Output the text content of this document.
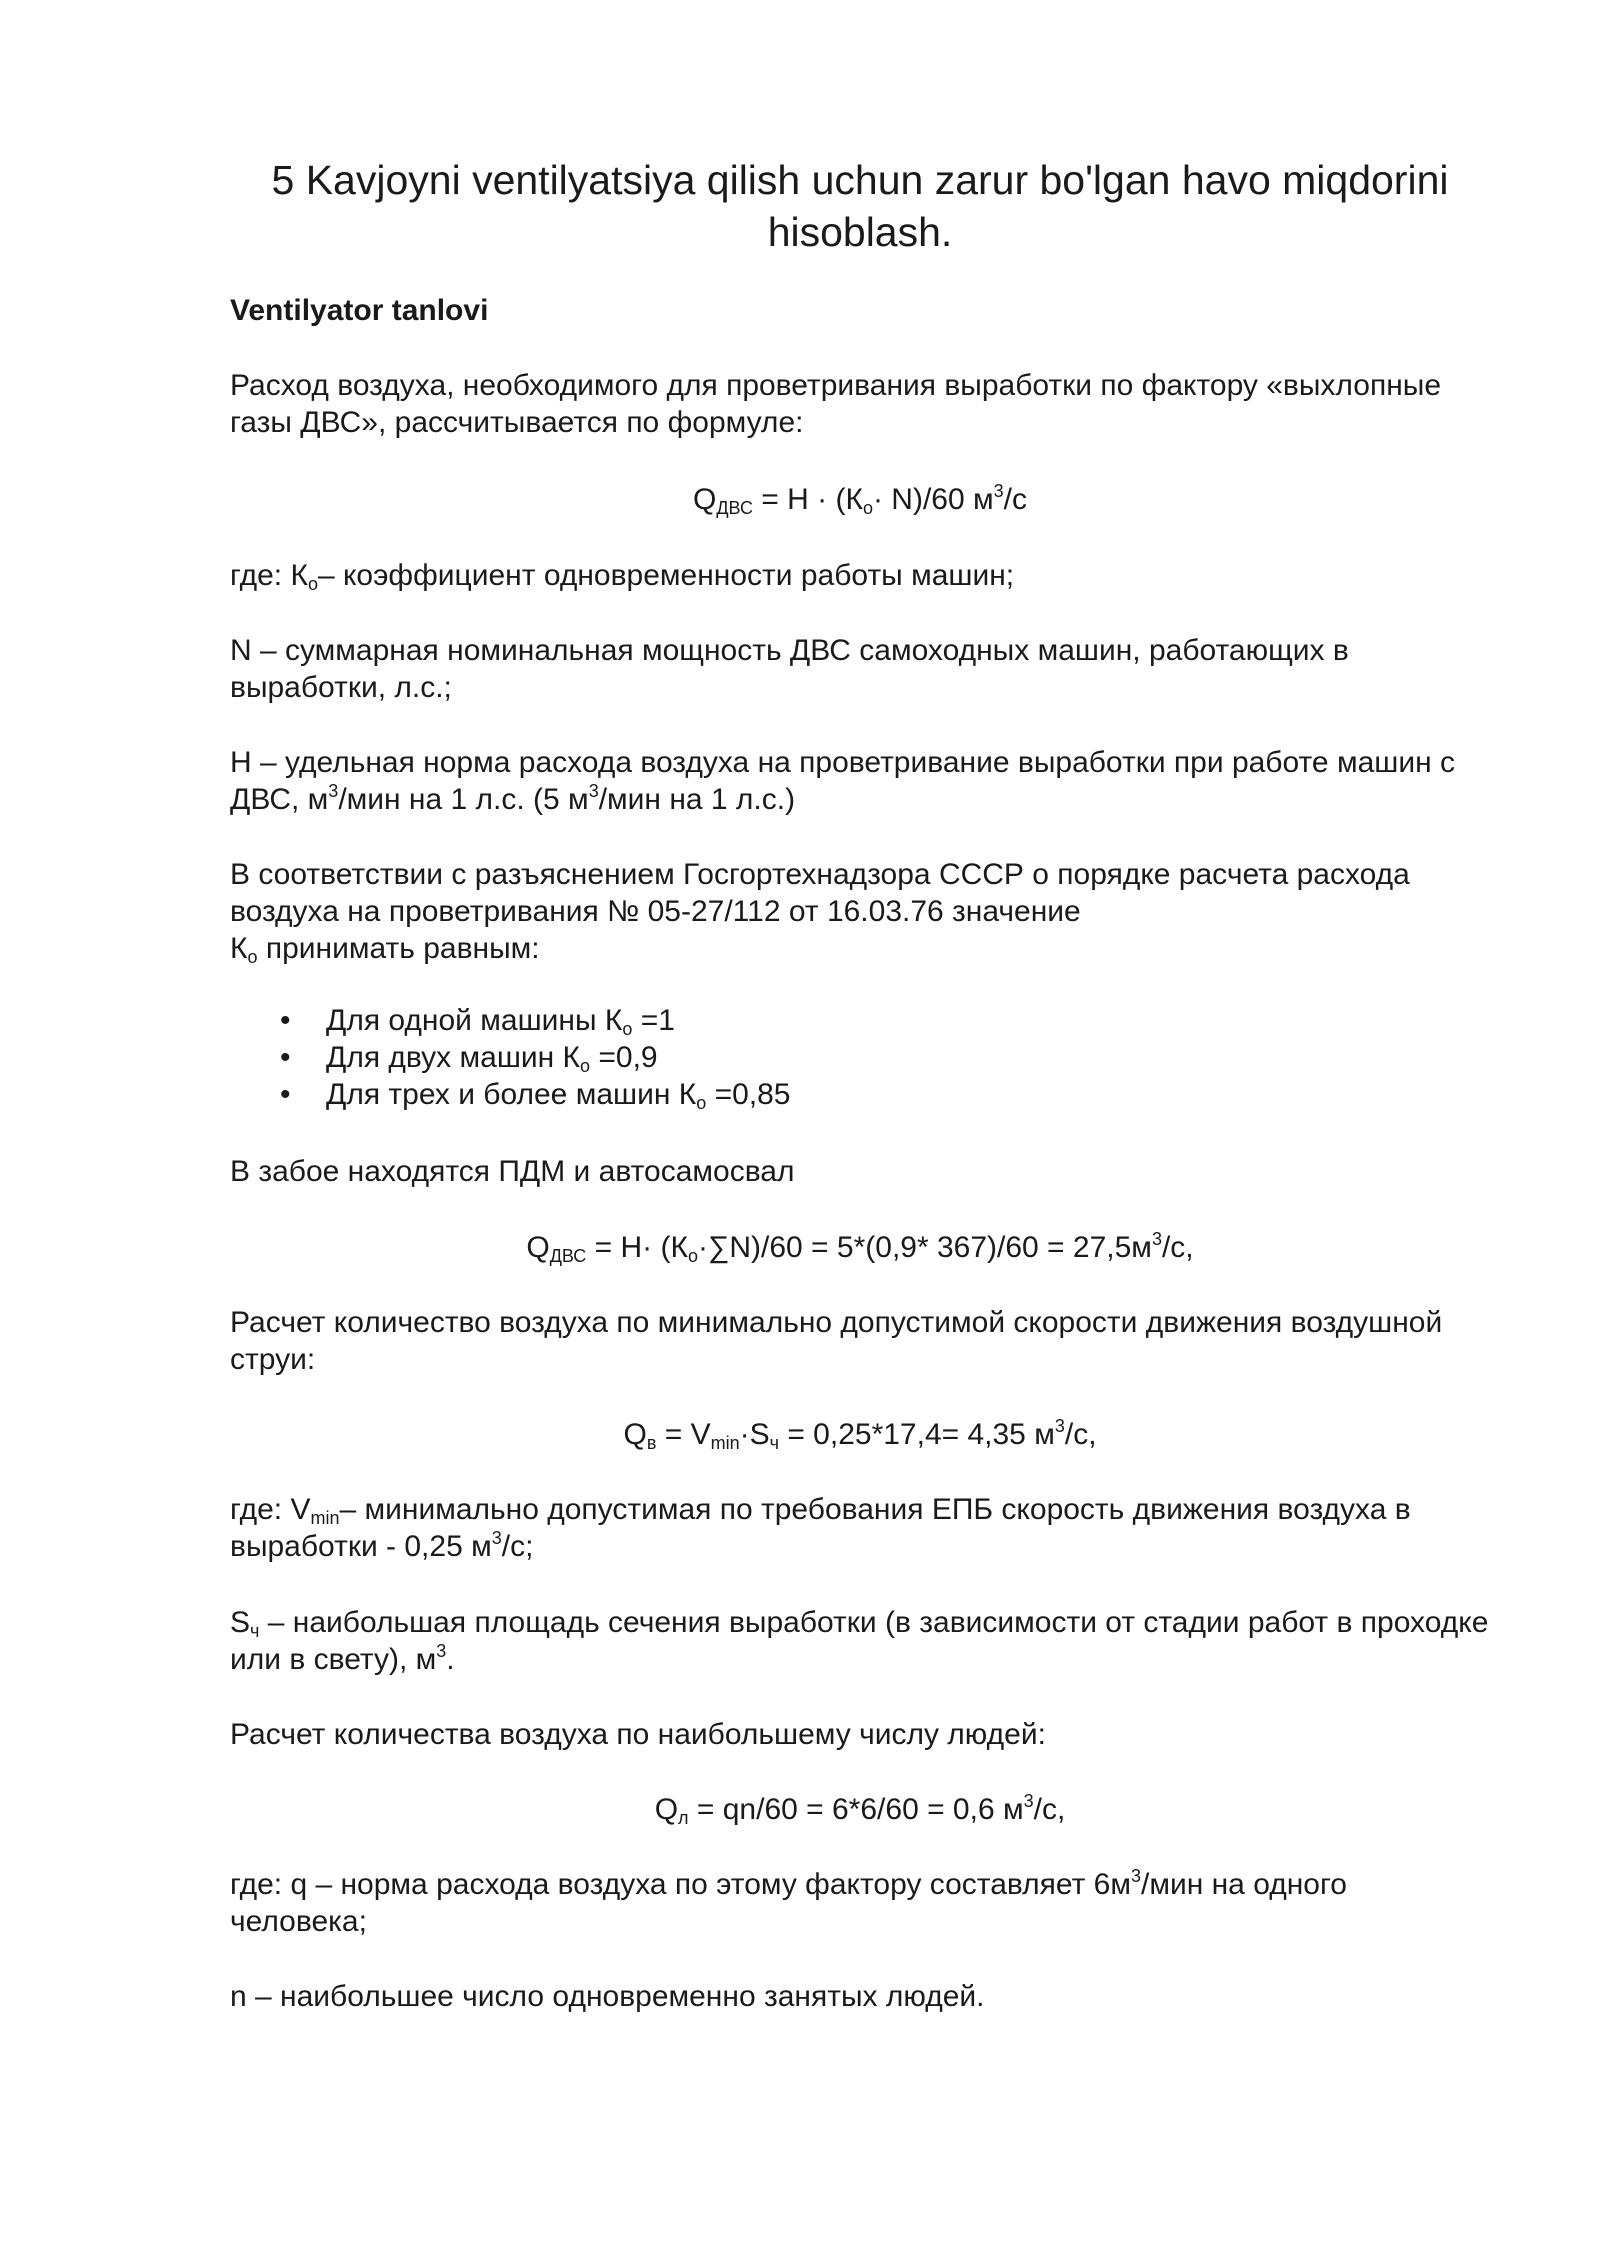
5 Kavjoyni ventilyatsiya qilish uchun zarur bo'lgan havo miqdorini hisoblash.
Ventilyator tanlovi

Расход воздуха, необходимого для проветривания выработки по фактору «выхлопные газы ДВС», рассчитывается по формуле:

$Q_{ДВС} = Н \cdot (К_о\cdot N)/60$ $м^3/с$

где: $К_о-$ коэффициент одновременности работы машин;

N – суммарная номинальная мощность ДВС самоходных машин, работающих в выработки, л.с.;

Н – удельная норма расхода воздуха на проветривание выработки при работе машин с ДВС, $м^3$/мин на 1 л.с. (5 $м^3$/мин на 1 л.с.)

В соответствии с разъяснением Госгортехнадзора СССР о порядке расчета расхода воздуха на проветривания № 05-27/112 от 16.03.76 значение
$К_о$ принимать равным:

• Для одной машины $К_о =1$
• Для двух машин $К_о =0,9$
• Для трех и более машин $К_о =0,85$

В забое находятся ПДМ и автосамосвал

$Q_{ДВС} = Н\cdot (К_о\cdot\sum N)/60 = 5*(0,9*$ $367)/60 = 27,5м^3/с$,

Расчет количество воздуха по минимально допустимой скорости движения воздушной струи:

$Q_в = V_{min}\cdot S_ч = 0,25*17,4= 4,35$ $м^3/с$,

где: $V_{min}-$ минимально допустимая по требования ЕПБ скорость движения воздуха в выработки - 0,25 $м^3/с$;

$S_ч$ – наибольшая площадь сечения выработки (в зависимости от стадии работ в проходке или в свету), $м^3$.

Расчет количества воздуха по наибольшему числу людей:

$Q_л = qn/60 = 6*6/60 = 0,6$ $м^3/с$,

где: q – норма расхода воздуха по этому фактору составляет $6м^3$/мин на одного человека;

n – наибольшее число одновременно занятых людей.
